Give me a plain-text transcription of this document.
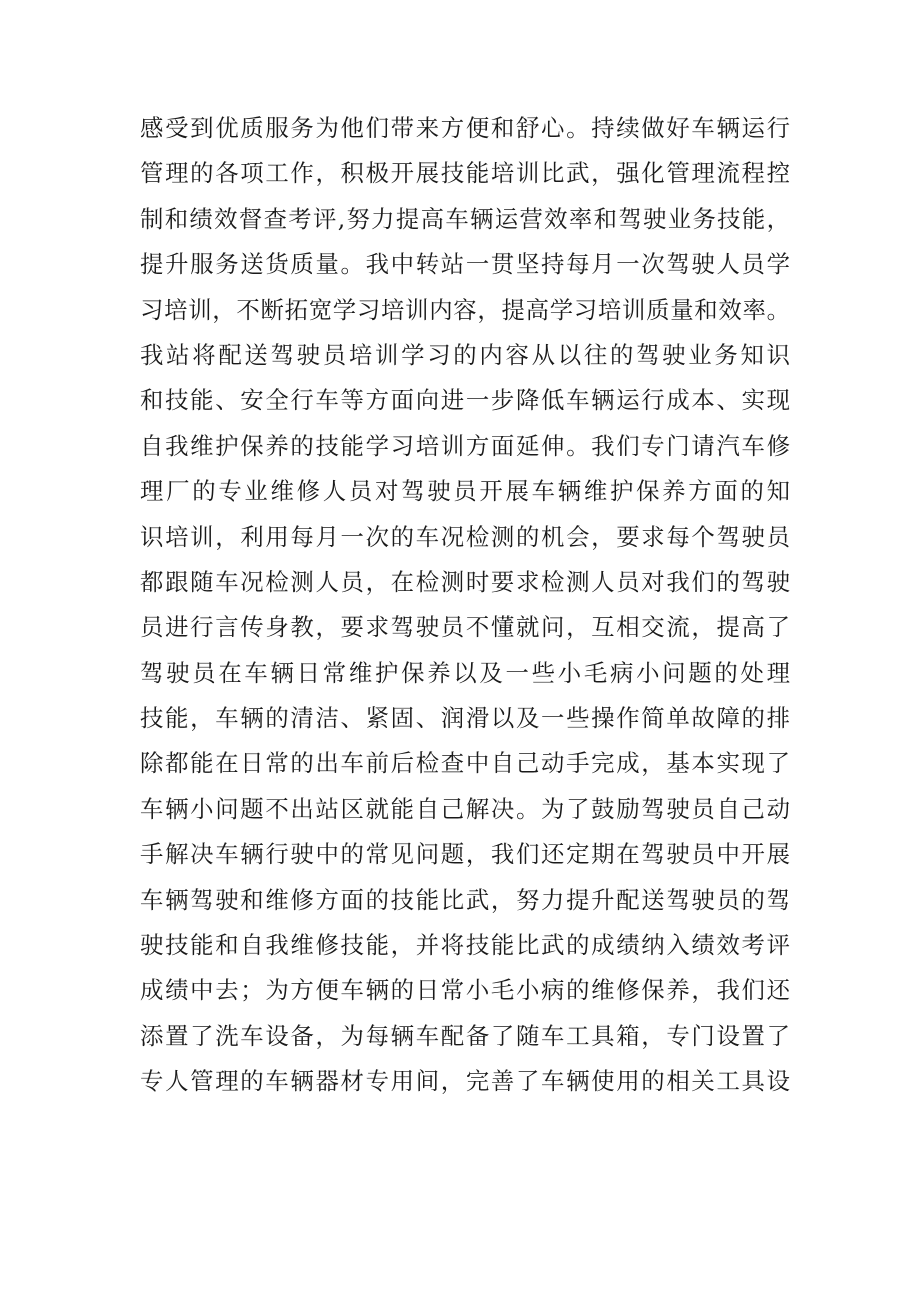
感受到优质服务为他们带来方便和舒心。持续做好车辆运行
管理的各项工作，积极开展技能培训比武，强化管理流程控
制和绩效督查考评,努力提高车辆运营效率和驾驶业务技能，
提升服务送货质量。我中转站一贯坚持每月一次驾驶人员学
习培训，不断拓宽学习培训内容，提高学习培训质量和效率。
我站将配送驾驶员培训学习的内容从以往的驾驶业务知识
和技能、安全行车等方面向进一步降低车辆运行成本、实现
自我维护保养的技能学习培训方面延伸。我们专门请汽车修
理厂的专业维修人员对驾驶员开展车辆维护保养方面的知
识培训，利用每月一次的车况检测的机会，要求每个驾驶员
都跟随车况检测人员，在检测时要求检测人员对我们的驾驶
员进行言传身教，要求驾驶员不懂就问，互相交流，提高了
驾驶员在车辆日常维护保养以及一些小毛病小问题的处理
技能，车辆的清洁、紧固、润滑以及一些操作简单故障的排
除都能在日常的出车前后检查中自己动手完成，基本实现了
车辆小问题不出站区就能自己解决。为了鼓励驾驶员自己动
手解决车辆行驶中的常见问题，我们还定期在驾驶员中开展
车辆驾驶和维修方面的技能比武，努力提升配送驾驶员的驾
驶技能和自我维修技能，并将技能比武的成绩纳入绩效考评
成绩中去；为方便车辆的日常小毛小病的维修保养，我们还
添置了洗车设备，为每辆车配备了随车工具箱，专门设置了
专人管理的车辆器材专用间，完善了车辆使用的相关工具设
